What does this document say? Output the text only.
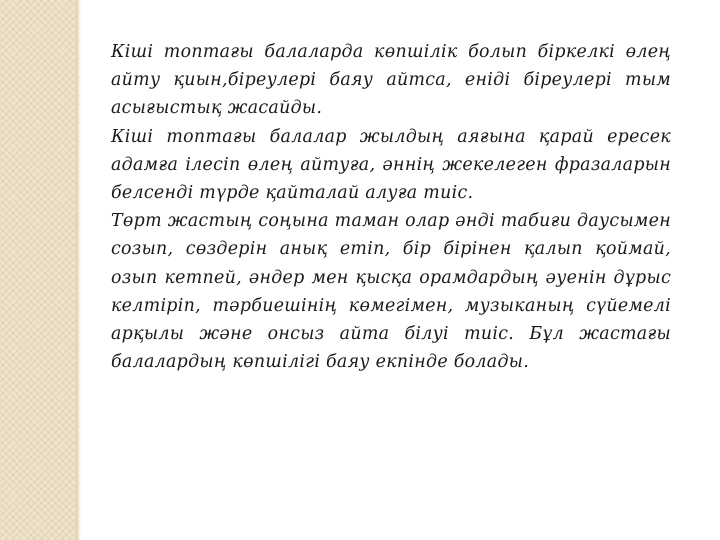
Кіші топтағы балаларда көпшілік болып біркелкі өлең айту қиын,біреулері баяу айтса, еніді біреулері тым асығыстық жасайды.

Кіші топтағы балалар жылдың аяғына қарай ересек адамға ілесіп өлең айтуға, әннің жекелеген фразаларын белсенді түрде қайталай алуға тиіс.

Төрт жастың соңына таман олар әнді табиғи даусымен созып, сөздерін анық етіп, бір бірінен қалып қоймай, озып кетпей, әндер мен қысқа орамдардың әуенін дұрыс келтіріп, тәрбиешінің көмегімен, музыканың сүйемелі арқылы және онсыз айта білуі тиіс. Бұл жастағы балалардың көпшілігі баяу екпінде болады.
